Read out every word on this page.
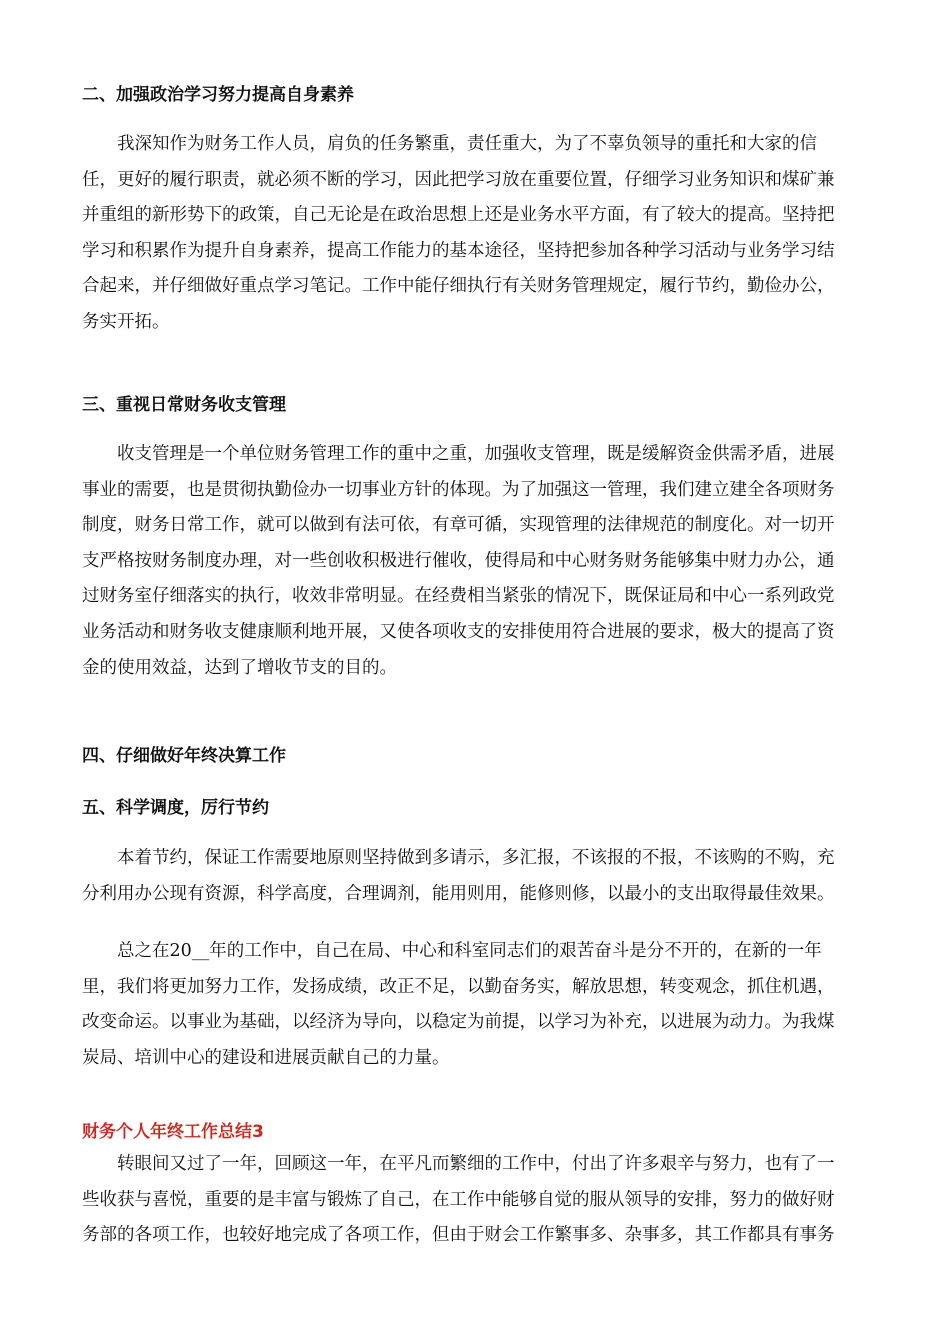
二、加强政治学习努力提高自身素养
我深知作为财务工作人员，肩负的任务繁重，责任重大，为了不辜负领导的重托和大家的信
任，更好的履行职责，就必须不断的学习，因此把学习放在重要位置，仔细学习业务知识和煤矿兼
并重组的新形势下的政策，自己无论是在政治思想上还是业务水平方面，有了较大的提高。坚持把
学习和积累作为提升自身素养，提高工作能力的基本途径，坚持把参加各种学习活动与业务学习结
合起来，并仔细做好重点学习笔记。工作中能仔细执行有关财务管理规定，履行节约，勤俭办公，
务实开拓。
三、重视日常财务收支管理
收支管理是一个单位财务管理工作的重中之重，加强收支管理，既是缓解资金供需矛盾，进展
事业的需要，也是贯彻执勤俭办一切事业方针的体现。为了加强这一管理，我们建立建全各项财务
制度，财务日常工作，就可以做到有法可依，有章可循，实现管理的法律规范的制度化。对一切开
支严格按财务制度办理，对一些创收积极进行催收，使得局和中心财务财务能够集中财力办公，通
过财务室仔细落实的执行，收效非常明显。在经费相当紧张的情况下，既保证局和中心一系列政党
业务活动和财务收支健康顺利地开展，又使各项收支的安排使用符合进展的要求，极大的提高了资
金的使用效益，达到了增收节支的目的。
四、仔细做好年终决算工作
五、科学调度，厉行节约
本着节约，保证工作需要地原则坚持做到多请示，多汇报，不该报的不报，不该购的不购，充
分利用办公现有资源，科学高度，合理调剂，能用则用，能修则修，以最小的支出取得最佳效果。
总之在20__年的工作中，自己在局、中心和科室同志们的艰苦奋斗是分不开的，在新的一年
里，我们将更加努力工作，发扬成绩，改正不足，以勤奋务实，解放思想，转变观念，抓住机遇，
改变命运。以事业为基础，以经济为导向，以稳定为前提，以学习为补充，以进展为动力。为我煤
炭局、培训中心的建设和进展贡献自己的力量。
财务个人年终工作总结3
转眼间又过了一年，回顾这一年，在平凡而繁细的工作中，付出了许多艰辛与努力，也有了一
些收获与喜悦，重要的是丰富与锻炼了自己，在工作中能够自觉的服从领导的安排，努力的做好财
务部的各项工作，也较好地完成了各项工作，但由于财会工作繁事多、杂事多，其工作都具有事务
